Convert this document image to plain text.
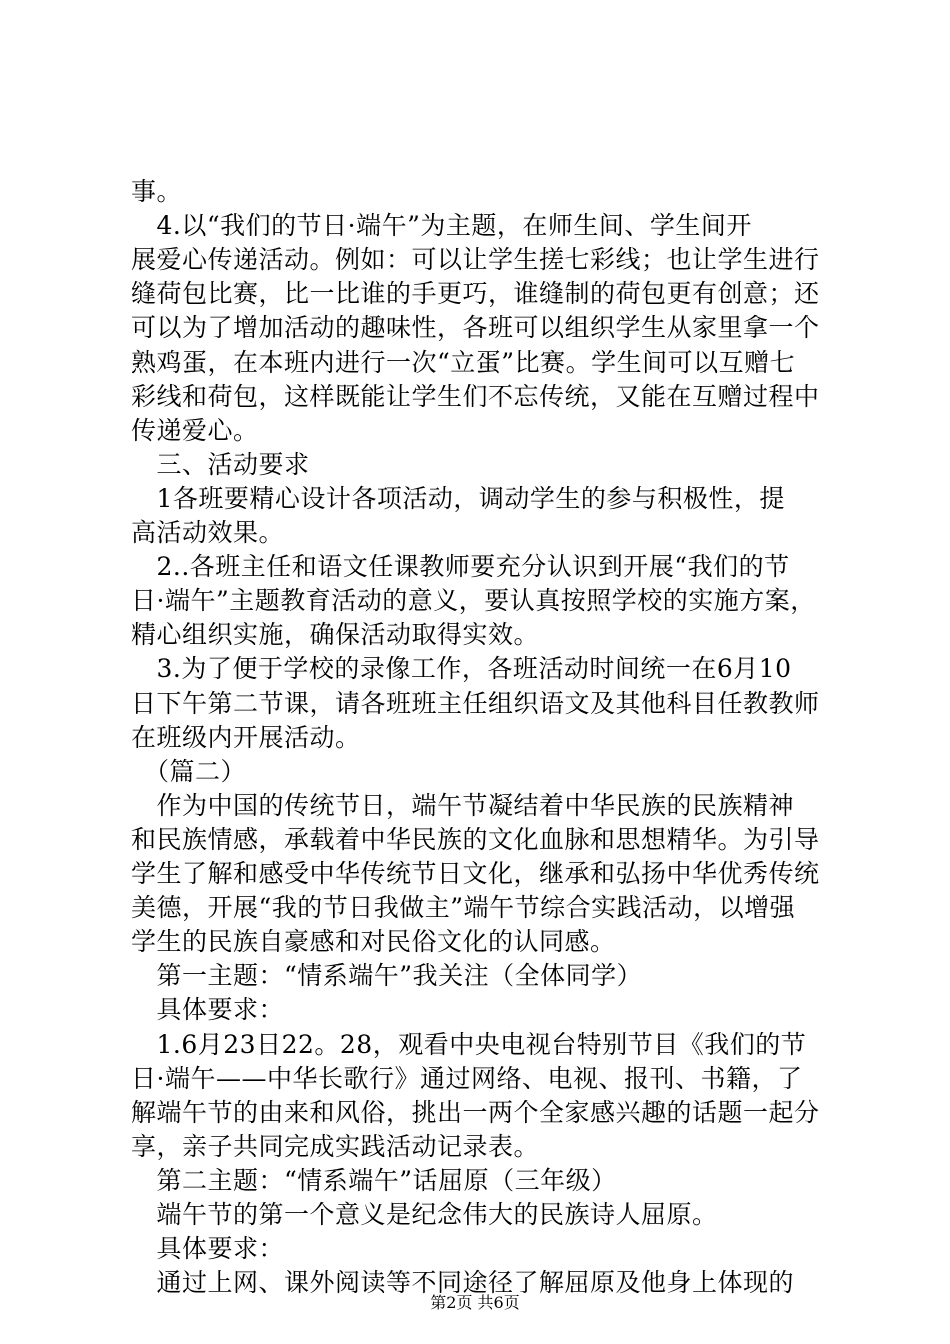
事。
　4.以“我们的节日·端午”为主题，在师生间、学生间开
展爱心传递活动。例如：可以让学生搓七彩线；也让学生进行
缝荷包比赛，比一比谁的手更巧，谁缝制的荷包更有创意；还
可以为了增加活动的趣味性，各班可以组织学生从家里拿一个
熟鸡蛋，在本班内进行一次“立蛋”比赛。学生间可以互赠七
彩线和荷包，这样既能让学生们不忘传统，又能在互赠过程中
传递爱心。
　三、活动要求
　1各班要精心设计各项活动，调动学生的参与积极性，提
高活动效果。
　2..各班主任和语文任课教师要充分认识到开展“我们的节
日·端午”主题教育活动的意义，要认真按照学校的实施方案，
精心组织实施，确保活动取得实效。
　3.为了便于学校的录像工作，各班活动时间统一在6月10
日下午第二节课，请各班班主任组织语文及其他科目任教教师
在班级内开展活动。
　（篇二）
　作为中国的传统节日，端午节凝结着中华民族的民族精神
和民族情感，承载着中华民族的文化血脉和思想精华。为引导
学生了解和感受中华传统节日文化，继承和弘扬中华优秀传统
美德，开展“我的节日我做主”端午节综合实践活动，以增强
学生的民族自豪感和对民俗文化的认同感。
　第一主题：“情系端午”我关注（全体同学）
　具体要求：
　1.6月23日22。28，观看中央电视台特别节目《我们的节
日·端午——中华长歌行》通过网络、电视、报刊、书籍，了
解端午节的由来和风俗，挑出一两个全家感兴趣的话题一起分
享，亲子共同完成实践活动记录表。
　第二主题：“情系端午”话屈原（三年级）
　端午节的第一个意义是纪念伟大的民族诗人屈原。
　具体要求：
　通过上网、课外阅读等不同途径了解屈原及他身上体现的
第2页 共6页
